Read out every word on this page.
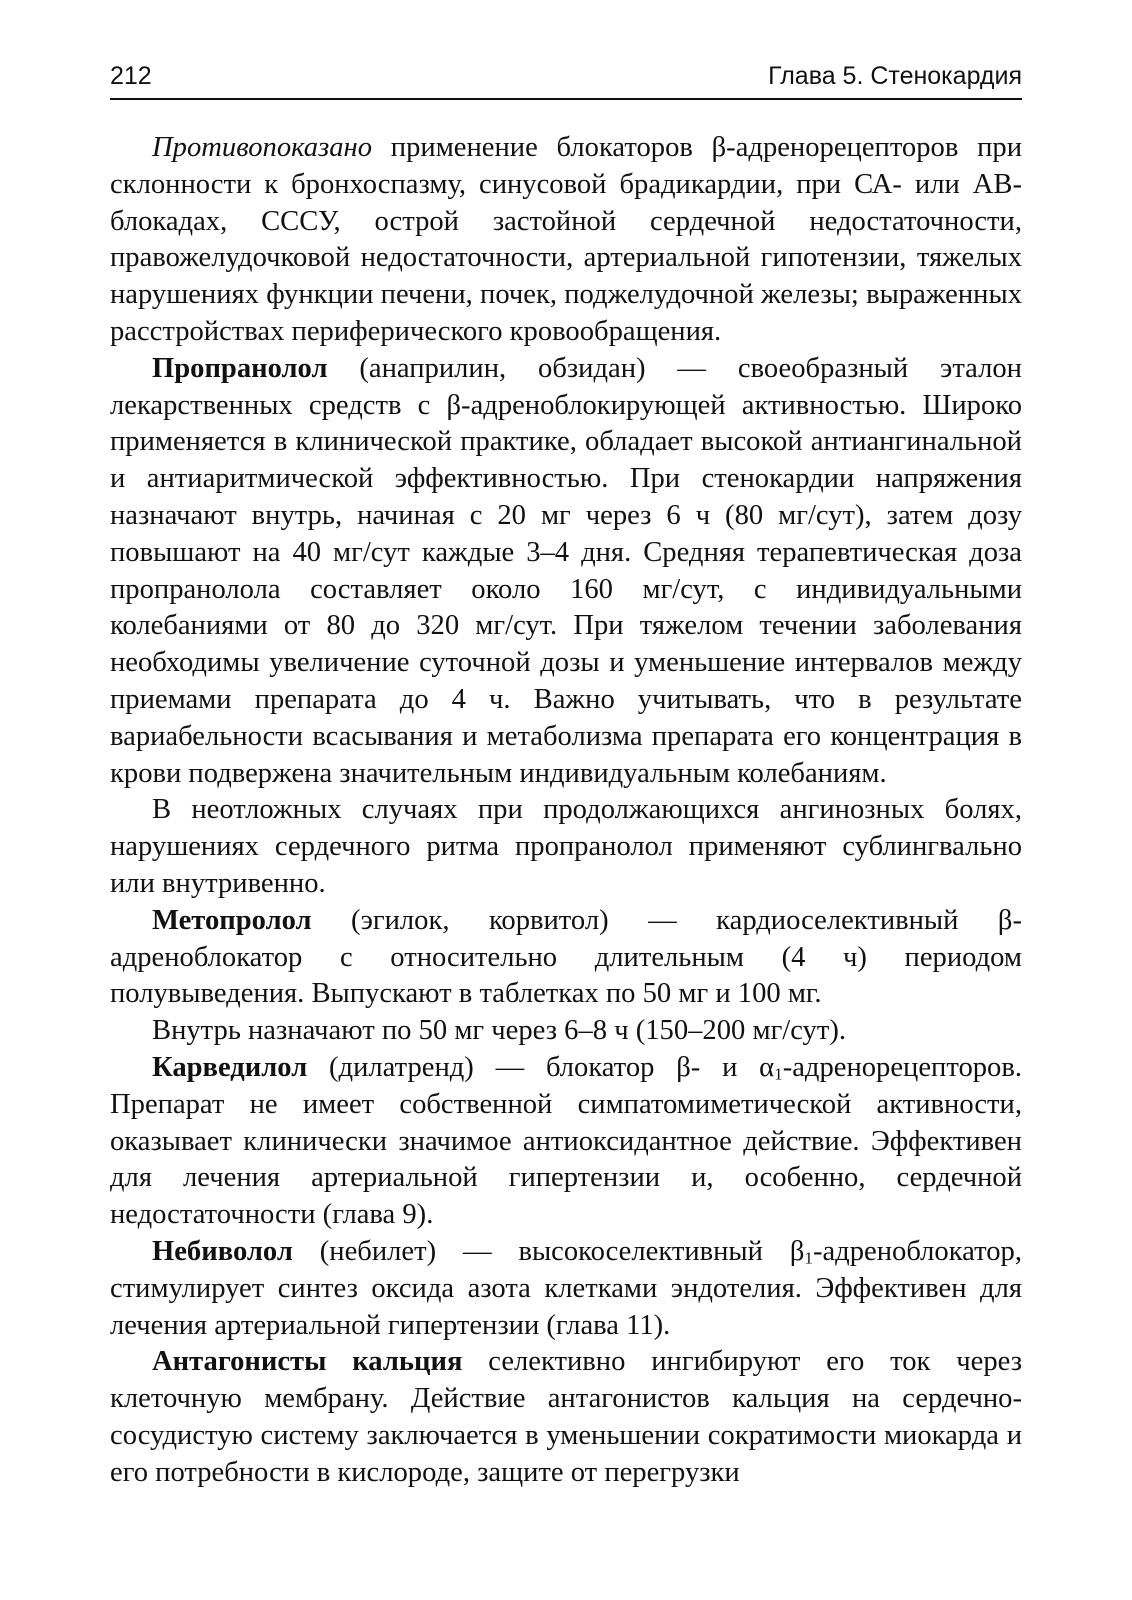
212	Глава 5. Стенокардия

Противопоказано применение блокаторов β-адренорецепторов при склонности к бронхоспазму, синусовой брадикардии, при СА- или АВ-блокадах, СССУ, острой застойной сердечной недостаточности, правожелудочковой недостаточности, артериальной гипотензии, тяжелых нарушениях функции печени, почек, поджелудочной железы; выраженных расстройствах периферического кровообращения.

Пропранолол (анаприлин, обзидан) — своеобразный эталон лекарственных средств с β-адреноблокирующей активностью. Широко применяется в клинической практике, обладает высокой антиангинальной и антиаритмической эффективностью. При стенокардии напряжения назначают внутрь, начиная с 20 мг через 6 ч (80 мг/сут), затем дозу повышают на 40 мг/сут каждые 3–4 дня. Средняя терапевтическая доза пропранолола составляет около 160 мг/сут, с индивидуальными колебаниями от 80 до 320 мг/сут. При тяжелом течении заболевания необходимы увеличение суточной дозы и уменьшение интервалов между приемами препарата до 4 ч. Важно учитывать, что в результате вариабельности всасывания и метаболизма препарата его концентрация в крови подвержена значительным индивидуальным колебаниям.

В неотложных случаях при продолжающихся ангинозных болях, нарушениях сердечного ритма пропранолол применяют сублингвально или внутривенно.

Метопролол (эгилок, корвитол) — кардиоселективный β-адреноблокатор с относительно длительным (4 ч) периодом полувыведения. Выпускают в таблетках по 50 мг и 100 мг.

Внутрь назначают по 50 мг через 6–8 ч (150–200 мг/сут).

Карведилол (дилатренд) — блокатор β- и $\alpha_1$-адренорецепторов. Препарат не имеет собственной симпатомиметической активности, оказывает клинически значимое антиоксидантное действие. Эффективен для лечения артериальной гипертензии и, особенно, сердечной недостаточности (глава 9).

Небиволол (небилет) — высокоселективный $\beta_1$-адреноблокатор, стимулирует синтез оксида азота клетками эндотелия. Эффективен для лечения артериальной гипертензии (глава 11).

Антагонисты кальция селективно ингибируют его ток через клеточную мембрану. Действие антагонистов кальция на сердечно-сосудистую систему заключается в уменьшении сократимости миокарда и его потребности в кислороде, защите от перегрузки
